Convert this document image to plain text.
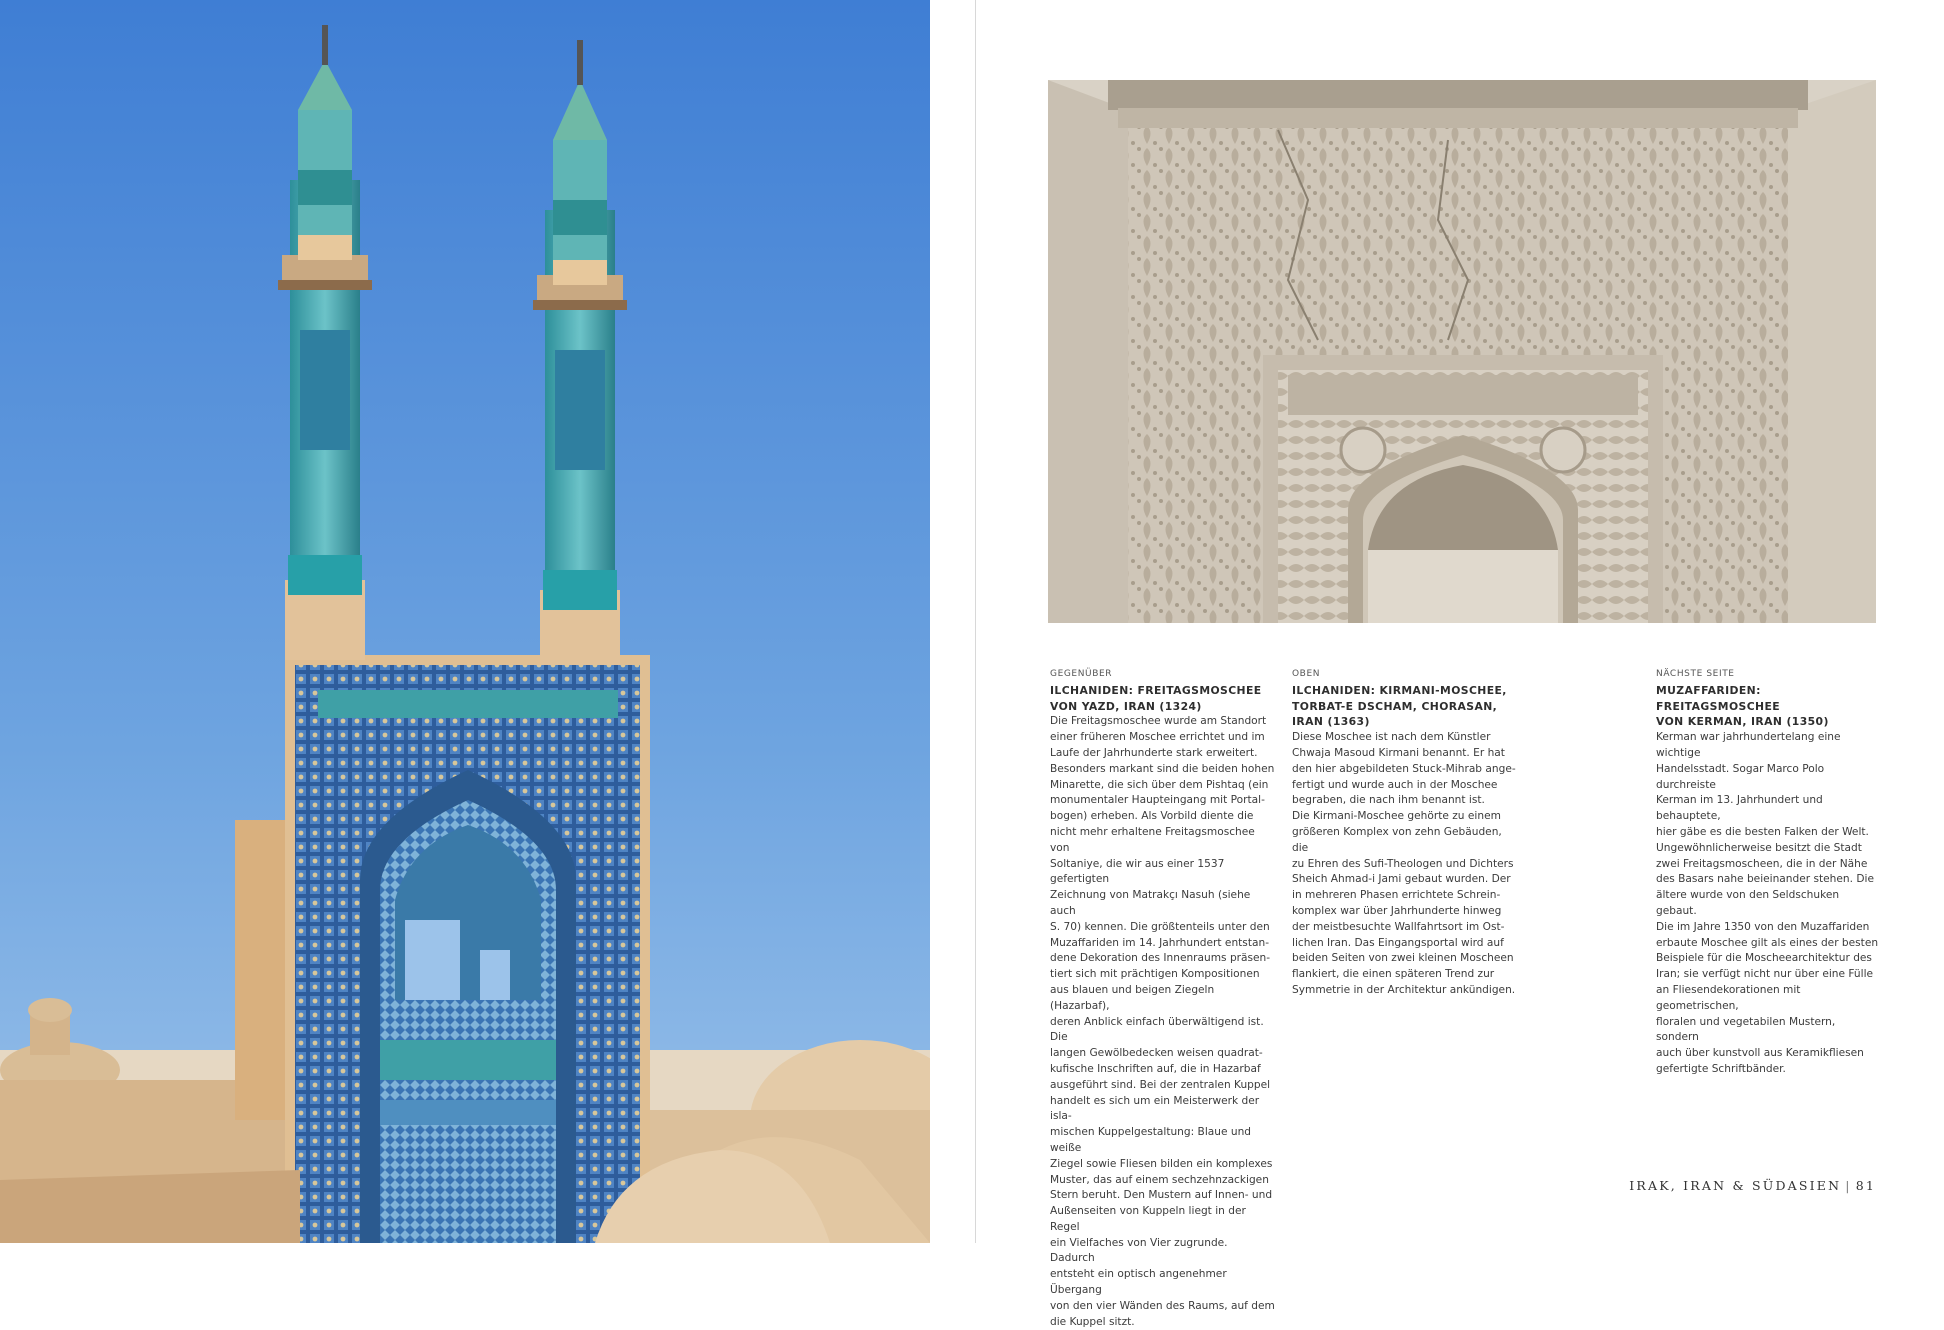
GEGENÜBER
ILCHANIDEN: FREITAGSMOSCHEE
VON YAZD, IRAN (1324)
Die Freitagsmoschee wurde am Standort
einer früheren Moschee errichtet und im
Laufe der Jahrhunderte stark erweitert.
Besonders markant sind die beiden hohen
Minarette, die sich über dem Pishtaq (ein
monumentaler Haupteingang mit Portal-
bogen) erheben. Als Vorbild diente die
nicht mehr erhaltene Freitagsmoschee von
Soltaniye, die wir aus einer 1537 gefertigten
Zeichnung von Matrakçı Nasuh (siehe auch
S. 70) kennen. Die größtenteils unter den
Muzaffariden im 14. Jahrhundert entstan-
dene Dekoration des Innenraums präsen-
tiert sich mit prächtigen Kompositionen
aus blauen und beigen Ziegeln (Hazarbaf),
deren Anblick einfach überwältigend ist. Die
langen Gewölbedecken weisen quadrat-
kufische Inschriften auf, die in Hazarbaf
ausgeführt sind. Bei der zentralen Kuppel
handelt es sich um ein Meisterwerk der isla-
mischen Kuppelgestaltung: Blaue und weiße
Ziegel sowie Fliesen bilden ein komplexes
Muster, das auf einem sechzehnzackigen
Stern beruht. Den Mustern auf Innen- und
Außenseiten von Kuppeln liegt in der Regel
ein Vielfaches von Vier zugrunde. Dadurch
entsteht ein optisch angenehmer Übergang
von den vier Wänden des Raums, auf dem
die Kuppel sitzt.
OBEN
ILCHANIDEN: KIRMANI-MOSCHEE,
TORBAT-E DSCHAM, CHORASAN,
IRAN (1363)
Diese Moschee ist nach dem Künstler
Chwaja Masoud Kirmani benannt. Er hat
den hier abgebildeten Stuck-Mihrab ange-
fertigt und wurde auch in der Moschee
begraben, die nach ihm benannt ist.
Die Kirmani-Moschee gehörte zu einem
größeren Komplex von zehn Gebäuden, die
zu Ehren des Sufi-Theologen und Dichters
Sheich Ahmad-i Jami gebaut wurden. Der
in mehreren Phasen errichtete Schrein-
komplex war über Jahrhunderte hinweg
der meistbesuchte Wallfahrtsort im Ost-
lichen Iran. Das Eingangsportal wird auf
beiden Seiten von zwei kleinen Moscheen
flankiert, die einen späteren Trend zur
Symmetrie in der Architektur ankündigen.
NÄCHSTE SEITE
MUZAFFARIDEN: FREITAGSMOSCHEE
VON KERMAN, IRAN (1350)
Kerman war jahrhundertelang eine wichtige
Handelsstadt. Sogar Marco Polo durchreiste
Kerman im 13. Jahrhundert und behauptete,
hier gäbe es die besten Falken der Welt.
Ungewöhnlicherweise besitzt die Stadt
zwei Freitagsmoscheen, die in der Nähe
des Basars nahe beieinander stehen. Die
ältere wurde von den Seldschuken gebaut.
Die im Jahre 1350 von den Muzaffariden
erbaute Moschee gilt als eines der besten
Beispiele für die Moscheearchitektur des
Iran; sie verfügt nicht nur über eine Fülle
an Fliesendekorationen mit geometrischen,
floralen und vegetabilen Mustern, sondern
auch über kunstvoll aus Keramikfliesen
gefertigte Schriftbänder.
IRAK, IRAN & SÜDASIEN | 81
